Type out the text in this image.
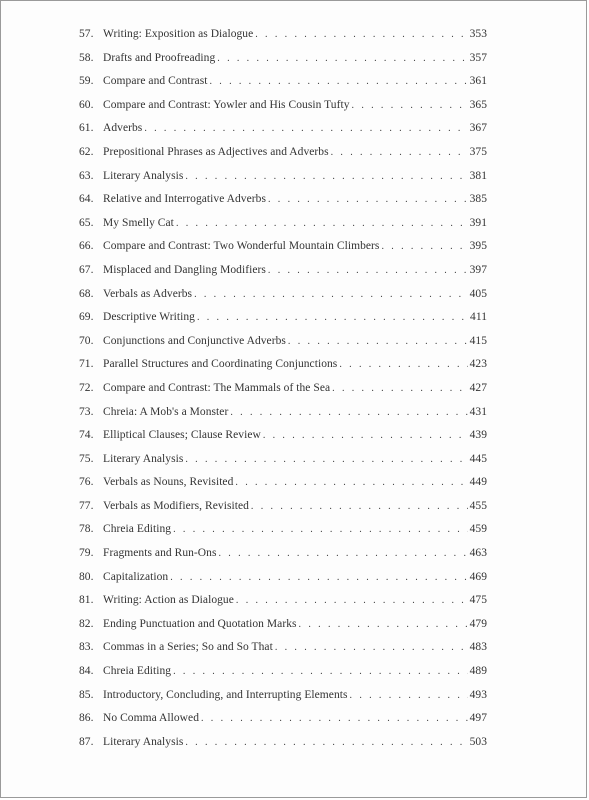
57. Writing: Exposition as Dialogue . . .	353
58. Drafts and Proofreading . . .	357
59. Compare and Contrast . . .	361
60. Compare and Contrast: Yowler and His Cousin Tufty . . .	365
61. Adverbs . . .	367
62. Prepositional Phrases as Adjectives and Adverbs . . .	375
63. Literary Analysis . . .	381
64. Relative and Interrogative Adverbs . . .	385
65. My Smelly Cat . . .	391
66. Compare and Contrast: Two Wonderful Mountain Climbers . . .	395
67. Misplaced and Dangling Modifiers . . .	397
68. Verbals as Adverbs . . .	405
69. Descriptive Writing . . .	411
70. Conjunctions and Conjunctive Adverbs . . .	415
71. Parallel Structures and Coordinating Conjunctions . . .	423
72. Compare and Contrast: The Mammals of the Sea . . .	427
73. Chreia: A Mob's a Monster . . .	431
74. Elliptical Clauses; Clause Review . . .	439
75. Literary Analysis . . .	445
76. Verbals as Nouns, Revisited . . .	449
77. Verbals as Modifiers, Revisited . . .	455
78. Chreia Editing . . .	459
79. Fragments and Run-Ons . . .	463
80. Capitalization . . .	469
81. Writing: Action as Dialogue . . .	475
82. Ending Punctuation and Quotation Marks . . .	479
83. Commas in a Series; So and So That . . .	483
84. Chreia Editing . . .	489
85. Introductory, Concluding, and Interrupting Elements . . .	493
86. No Comma Allowed . . .	497
87. Literary Analysis . . .	503
